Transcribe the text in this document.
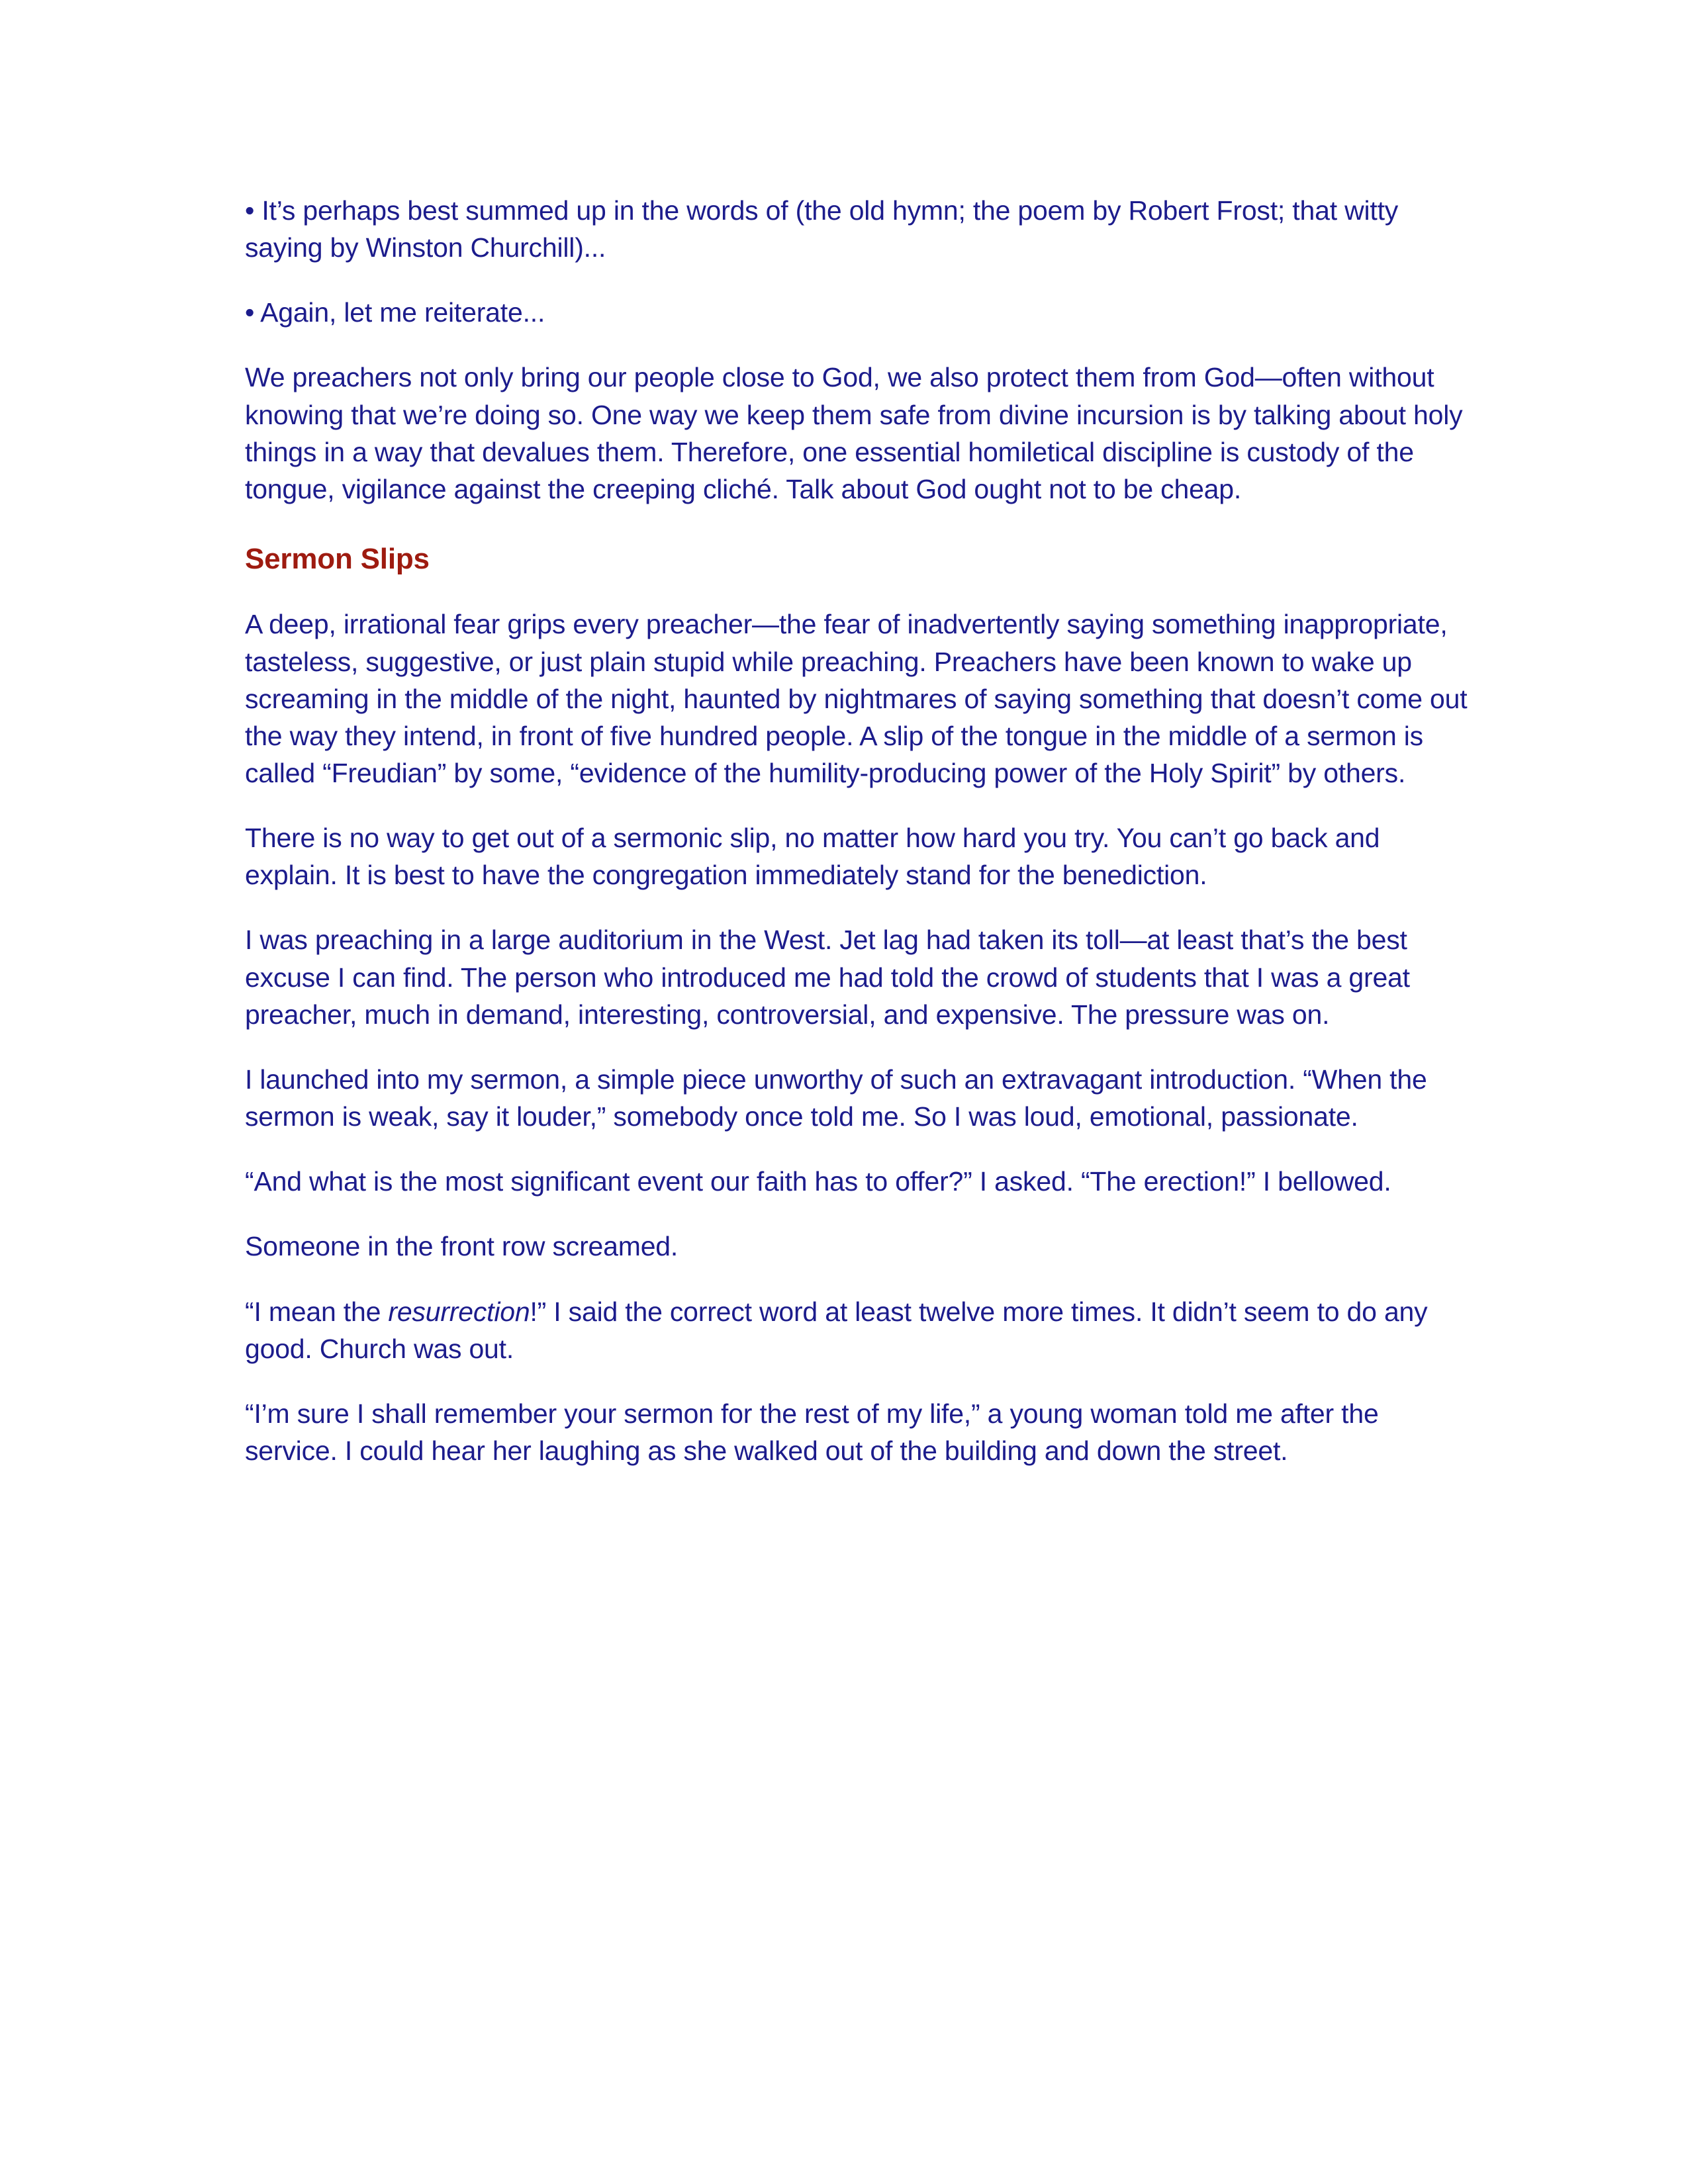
• It’s perhaps best summed up in the words of (the old hymn; the poem by Robert Frost; that witty saying by Winston Churchill)...

• Again, let me reiterate...

We preachers not only bring our people close to God, we also protect them from God—often without knowing that we’re doing so. One way we keep them safe from divine incursion is by talking about holy things in a way that devalues them. Therefore, one essential homiletical discipline is custody of the tongue, vigilance against the creeping cliché. Talk about God ought not to be cheap.

Sermon Slips

A deep, irrational fear grips every preacher—the fear of inadvertently saying something inappropriate, tasteless, suggestive, or just plain stupid while preaching. Preachers have been known to wake up screaming in the middle of the night, haunted by nightmares of saying something that doesn’t come out the way they intend, in front of five hundred people. A slip of the tongue in the middle of a sermon is called “Freudian” by some, “evidence of the humility-producing power of the Holy Spirit” by others.

There is no way to get out of a sermonic slip, no matter how hard you try. You can’t go back and explain. It is best to have the congregation immediately stand for the benediction.

I was preaching in a large auditorium in the West. Jet lag had taken its toll—at least that’s the best excuse I can find. The person who introduced me had told the crowd of students that I was a great preacher, much in demand, interesting, controversial, and expensive. The pressure was on.

I launched into my sermon, a simple piece unworthy of such an extravagant introduction. “When the sermon is weak, say it louder,” somebody once told me. So I was loud, emotional, passionate.

“And what is the most significant event our faith has to offer?” I asked. “The erection!” I bellowed.

Someone in the front row screamed.

“I mean the resurrection!” I said the correct word at least twelve more times. It didn’t seem to do any good. Church was out.

“I’m sure I shall remember your sermon for the rest of my life,” a young woman told me after the service. I could hear her laughing as she walked out of the building and down the street.
